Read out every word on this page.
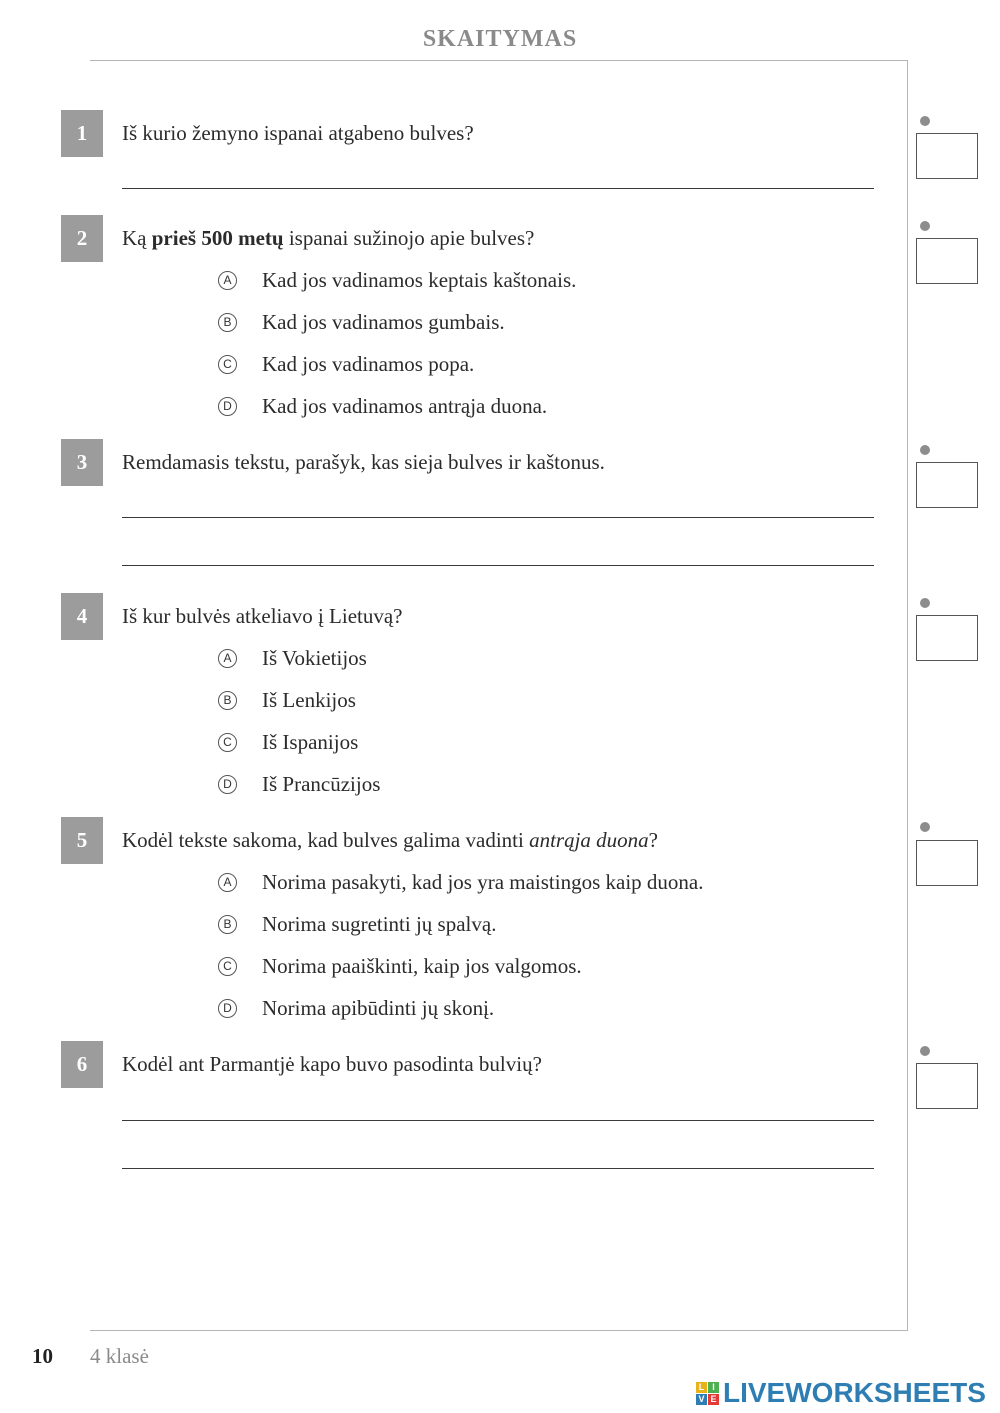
SKAITYMAS
1	Iš kurio žemyno ispanai atgabeno bulves?
2	Ką prieš 500 metų ispanai sužinojo apie bulves?
A Kad jos vadinamos keptais kaštonais.
B Kad jos vadinamos gumbais.
C Kad jos vadinamos popa.
D Kad jos vadinamos antrąja duona.
3	Remdamasis tekstu, parašyk, kas sieja bulves ir kaštonus.
4	Iš kur bulvės atkeliavo į Lietuvą?
A Iš Vokietijos
B Iš Lenkijos
C Iš Ispanijos
D Iš Prancūzijos
5	Kodėl tekste sakoma, kad bulves galima vadinti antrąja duona?
A Norima pasakyti, kad jos yra maistingos kaip duona.
B Norima sugretinti jų spalvą.
C Norima paaiškinti, kaip jos valgomos.
D Norima apibūdinti jų skonį.
6	Kodėl ant Parmantjė kapo buvo pasodinta bulvių?
10 4 klasė
L I
V E LIVEWORKSHEETS
